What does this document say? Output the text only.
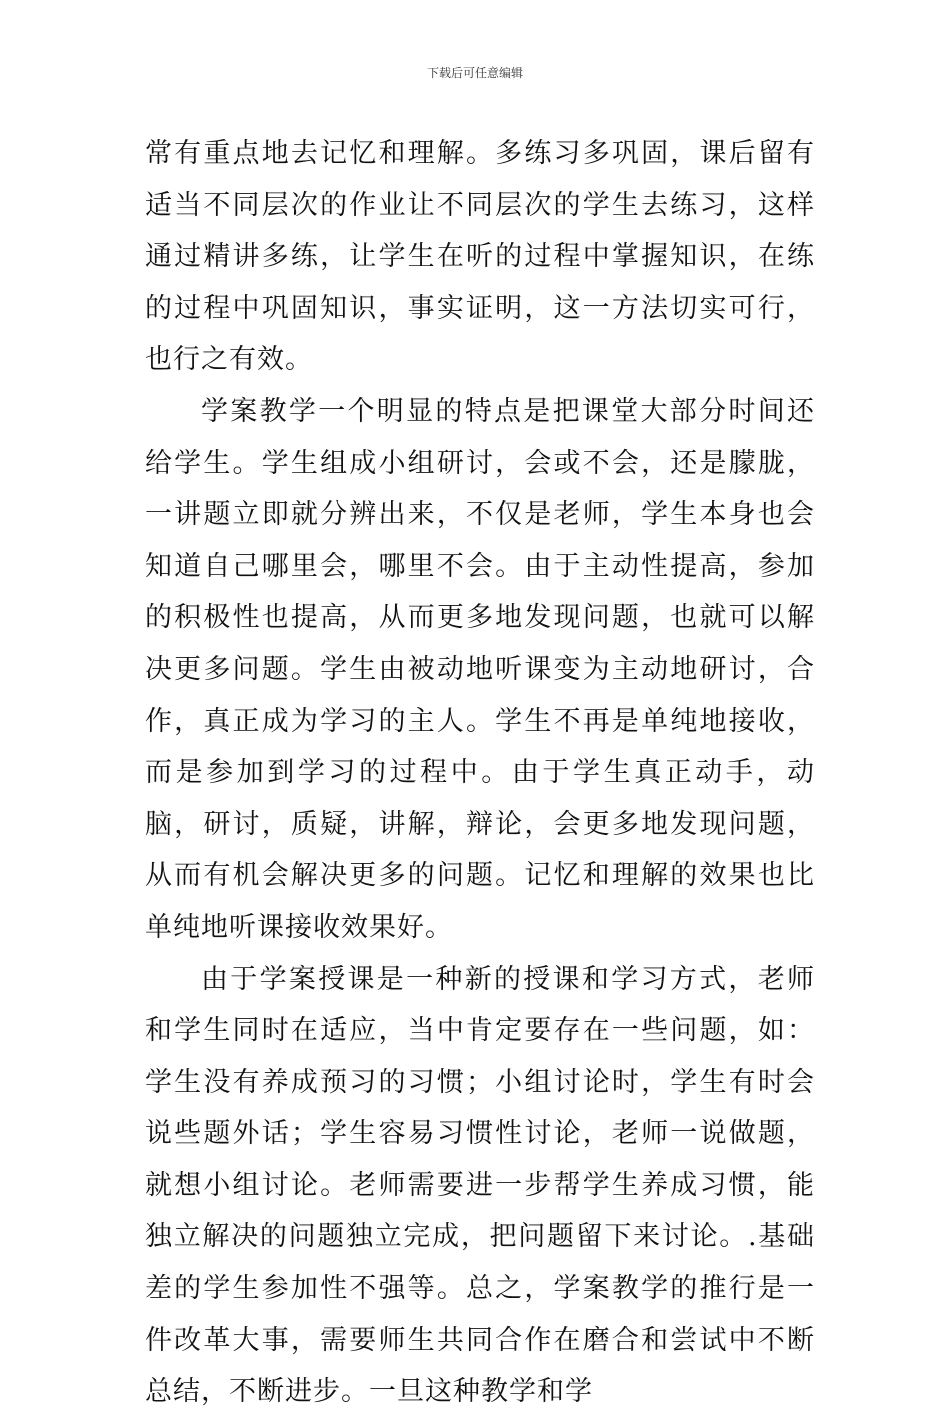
下载后可任意编辑

常有重点地去记忆和理解。多练习多巩固，课后留有适当不同层次的作业让不同层次的学生去练习，这样通过精讲多练，让学生在听的过程中掌握知识，在练的过程中巩固知识，事实证明，这一方法切实可行，也行之有效。

学案教学一个明显的特点是把课堂大部分时间还给学生。学生组成小组研讨，会或不会，还是朦胧，一讲题立即就分辨出来，不仅是老师，学生本身也会知道自己哪里会，哪里不会。由于主动性提高，参加的积极性也提高，从而更多地发现问题，也就可以解决更多问题。学生由被动地听课变为主动地研讨，合作，真正成为学习的主人。学生不再是单纯地接收，而是参加到学习的过程中。由于学生真正动手，动脑，研讨，质疑，讲解，辩论，会更多地发现问题，从而有机会解决更多的问题。记忆和理解的效果也比单纯地听课接收效果好。

由于学案授课是一种新的授课和学习方式，老师和学生同时在适应，当中肯定要存在一些问题，如：学生没有养成预习的习惯；小组讨论时，学生有时会说些题外话；学生容易习惯性讨论，老师一说做题，就想小组讨论。老师需要进一步帮学生养成习惯，能独立解决的问题独立完成，把问题留下来讨论。.基础差的学生参加性不强等。总之，学案教学的推行是一件改革大事，需要师生共同合作在磨合和尝试中不断总结，不断进步。一旦这种教学和学
